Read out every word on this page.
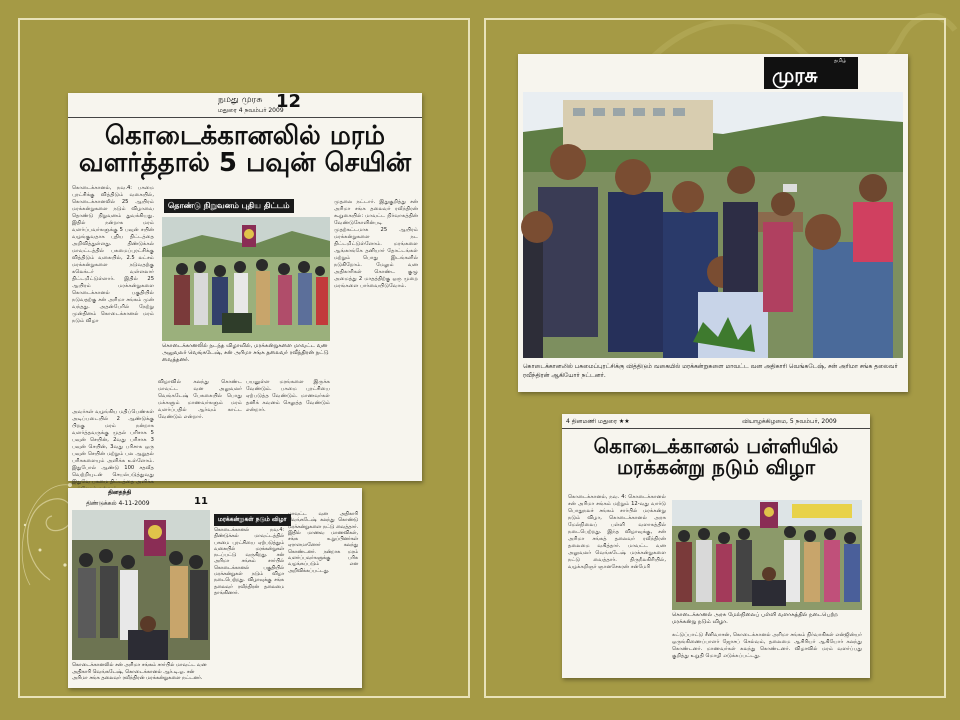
நமது முரசு 12
மதுரை 4 நவம்பர் 2009
கொடைக்கானலில் மரம்
வளர்த்தால் 5 பவுன் செயின்
கொடைக்கானல், நவ.4: பசுமை புரட்சிக்கு வித்திடும் வகையில், கொடைக்கானலில் 25 ஆயிரம் மரக்கன்றுகளை நடும் விழாவை தொண்டு நிறுவனம் துவக்கியது. இதில் நன்றாக மரம் வளர்ப்பவர்களுக்கு 5 பவுன் சயின் வழங்குவதாக புதிய திட்டத்தை அறிவித்துள்ளது. திண்டுக்கல் மாவட்டத்தில் பசுமைப்புரட்சிக்கு வித்திடும் வகையில், 2.5 லட்சம் மரக்கன்றுகளை நடுவதற்கு கலெக்டர் வள்ளலார் திட்டமிட்டுள்ளார். இதில் 25 ஆயிரம் மரக்கன்றுகளை கொடைக்கானல் பகுதியில் நடுவதற்கு சன் அரிமா சங்கம் முன் வந்தது. அதன்பேரில் நேற்று முன்தினம் கொடைக்கானல் மரம் நடும் விழா
தொண்டு நிறுவனம் புதிய திட்டம்
கொடைக்கானலில் நடந்த விழாவில், மரக்கன்றுகளை மாவட்ட வன அலுவலர் வெங்கடேஷ், சன் அரிமா சங்க தலைவர் ரவீந்திரன் நட்டு வைத்தனர்.
முதலை நட்டார். இதுகுறித்து சன் அரிமா சங்க தலைவர் ரவீந்திரன் கூறுகையில்: மாவட்ட நிர்வாகத்தின் வேண்டுகோளின்படி முதற்கட்டமாக 25 ஆயிரம் மரக்கன்றுகளை நட திட்டமிட்டுள்ளோம். மரங்களை ஆங்காங்கே தனியார் தோட்டங்கள் மற்றும் பொது இடங்களில் நடுகிறோம். மேலும் வன அதிகாரிகள் கொண்ட குழு அமைத்து 2 மாதத்திற்கு ஒரு முறை மரங்களை பார்வையிடுவோம்.
அவர்கள் வழங்கிய மதிப்பெண்கள் அடிப்படையில் 2 ஆண்டுக்கு பிறகு மரம் நன்றாக வளர்த்தவருக்கு முதல் பரிசாக 5 பவுன் செயின், 2வது பரிசாக 3 பவுன் செயின், 3வது பரிசாக ஒரு பவுன் செயின் மற்றும் பல ஆறுதல் பரிசுகளையும் அளிக்க உள்ளோம். இதுபோல் ஆண்டு 100 சதவீத வெற்றியுடன் செயல்படுத்துவது இதுவே பசுமை திட்டத்தை அளிக்க
விழாவில் கலந்து கொண்ட மாவட்ட வன அலுவலர் வெங்கடேஷ் பேசுகையில் பொது மக்களும் மாணவர்களும் மரம் வளர்ப்பதில் ஆர்வம் காட்ட வேண்டும் என்றார்.
பயனுள்ள மரங்களை இருக்க வேண்டும். பசுமை புரட்சியை ஏற்படுத்த வேண்டும். மாணவர்கள் தனிக் கவனம் செலுத்த வேண்டும் என்றார்.
தமிழ்
முரசு
கொடைக்கானலில் பசுமைப்புரட்சிக்கு வித்திடும் வகையில் மரக்கன்றுகளை மாவட்ட வன அதிகாரி வெங்கடேஷ், சன் அரிமா சங்க தலைவர் ரவீந்திரன் ஆகியோர் நட்டனர்.
தினதந்தி
திண்டுக்கல் 4-11-2009	11
கொடைக்கானலில் சன் அரிமா சங்கம் சார்பில் மாவட்ட வன அதிகாரி வெங்கடேஷ், கொடைக்கானல் ஆர்.டி.ஓ. சன் அரிமா சங்க தலைவர் ரவீந்திரன் மரக்கன்றுகளை நட்டனர்.
மரக்கன்றுகள் நடும் விழா
கொடைக்கானல் நவ.4: திண்டுக்கல் மாவட்டத்தில் பசுமை புரட்சியை ஏற்படுத்தும் வகையில் மரக்கன்றுகள் நடப்பட்டு வருகிறது. சன் அரிமா சங்கம் சார்பில் கொடைக்கானல் பகுதியில் மரக்கன்றுகள் நடும் விழா நடைபெற்றது. விழாவுக்கு சங்க தலைவர் ரவீந்திரன் தலைமை தாங்கினார்.
மாவட்ட வன அதிகாரி வெங்கடேஷ் கலந்து கொண்டு மரக்கன்றுகளை நட்டு வைத்தார். இதில் மாணவ மாணவிகள், சங்க உறுப்பினர்கள் ஏராளமானோர் கலந்து கொண்டனர். நன்றாக மரம் வளர்ப்பவர்களுக்கு பரிசு வழங்கப்படும் என அறிவிக்கப்பட்டது.
4 தினமணி மதுரை ★★	வியாழக்கிழமை, 5 நவம்பர், 2009
கொடைக்கானல் பள்ளியில்
மரக்கன்று நடும் விழா
கொடைக்கானல், நவ. 4: கொடைக்கானல் சன் அரிமா சங்கம் மற்றும் 12-வது வார்டு பொதுநலச் சங்கம் சார்பில் மரக்கன்று நடும் விழா, கொடைக்கானல் அரசு மேல்நிலைப் பள்ளி வளாகத்தில் நடைபெற்றது. இந்த விழாவுக்கு, சன் அரிமா சங்கத் தலைவர் ரவீந்திரன் தலைமை வகித்தார். மாவட்ட வன அலுவலர் வெங்கடேஷ் மரக்கன்றுகளை நட்டு வைத்தார். திருநீலகிரியில், வழக்கறிஞர் ஞானசேகரன் சன்மேரி
கொடைக்கானல் அரசு மேல்நிலைப் பள்ளி வளாகத்தில் நடைபெற்ற மரக்கன்று நடும் விழா.
கட்டுப்பாட்டு சீனிவாசன், கொடைக்கானல் அரிமா சங்கம் நிர்வாகிகள் என்ஜின்யர் ஒருங்கிணைப்பாளர் ஜோசப் செல்வம், தலைமை ஆசிரியர் ஆகியோர் கலந்து கொண்டனர். மாணவர்கள் கலந்து கொண்டனர். விழாவில் மரம் வளர்ப்பது குறித்து உறுதி மொழி எடுக்கப்பட்டது.
